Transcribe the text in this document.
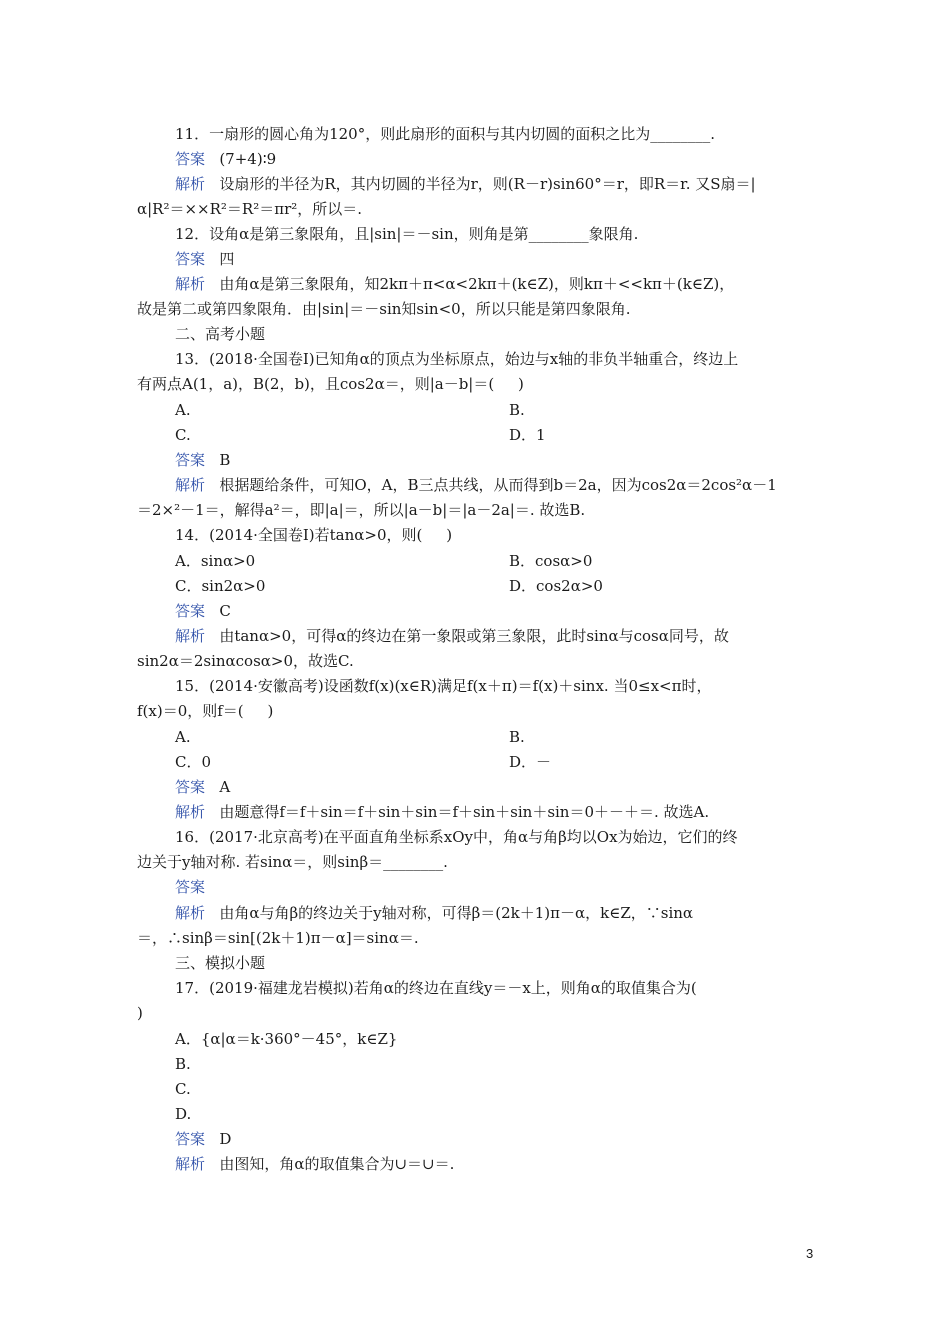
11．一扇形的圆心角为120°，则此扇形的面积与其内切圆的面积之比为________.
答案 (7+4)∶9
解析 设扇形的半径为R，其内切圆的半径为r，则(R－r)sin60°＝r，即R＝r. 又S扇＝|
α|R²＝××R²＝R²＝πr²，所以＝.
12．设角α是第三象限角，且|sin|＝－sin，则角是第________象限角.
答案 四
解析 由角α是第三象限角，知2kπ＋π<α<2kπ＋(k∈Z)，则kπ＋<<kπ＋(k∈Z)，
故是第二或第四象限角．由|sin|＝－sin知sin<0，所以只能是第四象限角.
二、高考小题
13．(2018·全国卷Ⅰ)已知角α的顶点为坐标原点，始边与x轴的非负半轴重合，终边上
有两点A(1，a)，B(2，b)，且cos2α＝，则|a－b|＝(     )
A.	B.
C.	D．1
答案 B
解析 根据题给条件，可知O，A，B三点共线，从而得到b＝2a，因为cos2α＝2cos²α－1
＝2×²－1＝，解得a²＝，即|a|＝，所以|a－b|＝|a－2a|＝. 故选B.
14．(2014·全国卷Ⅰ)若tanα>0，则(     )
A．sinα>0	B．cosα>0
C．sin2α>0	D．cos2α>0
答案 C
解析 由tanα>0，可得α的终边在第一象限或第三象限，此时sinα与cosα同号，故
sin2α＝2sinαcosα>0，故选C.
15．(2014·安徽高考)设函数f(x)(x∈R)满足f(x＋π)＝f(x)＋sinx. 当0≤x<π时，
f(x)＝0，则f＝(     )
A.	B.
C．0	D．－
答案 A
解析 由题意得f＝f＋sin＝f＋sin＋sin＝f＋sin＋sin＋sin＝0＋－＋＝. 故选A.
16．(2017·北京高考)在平面直角坐标系xOy中，角α与角β均以Ox为始边，它们的终
边关于y轴对称. 若sinα＝，则sinβ＝________.
答案
解析 由角α与角β的终边关于y轴对称，可得β＝(2k＋1)π－α，k∈Z，∵sinα
＝，∴sinβ＝sin[(2k＋1)π－α]＝sinα＝.
三、模拟小题
17．(2019·福建龙岩模拟)若角α的终边在直线y＝－x上，则角α的取值集合为(
)
A．{α|α＝k·360°－45°，k∈Z}
B.
C.
D.
答案 D
解析 由图知，角α的取值集合为∪＝∪＝.
3
